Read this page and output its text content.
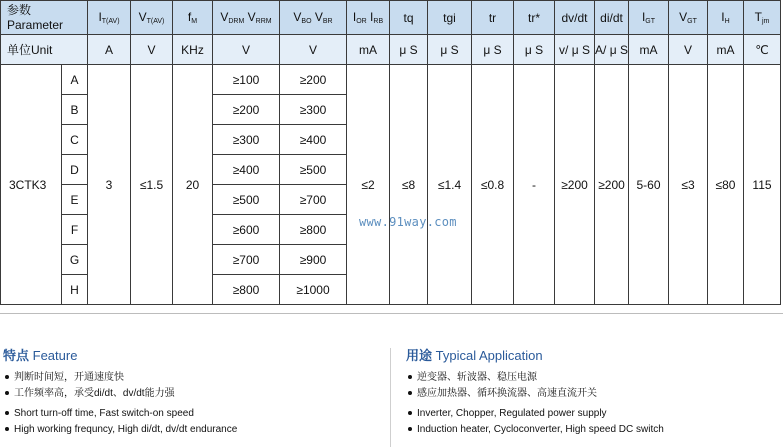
参数
Parameter		$I_{T(AV)}$	$V_{T(AV)}$	$f_M$	$V_{DRM}$ $V_{RRM}$	$V_{BO}$ $V_{BR}$	$I_{OR}$ $I_{RB}$	tq	tgi	tr	tr*	dv/dt	di/dt	$I_{GT}$	$V_{GT}$	$I_H$	$T_{jm}$
单位Unit		A	V	KHz	V	V	mA	μ S	μ S	μ S	μ S	v/ μ S	A/ μ S	mA	V	mA	℃
3CTK3	A	3	≤1.5	20	≥100	≥200	≤2	≤8	≤1.4	≤0.8	-	≥200	≥200	5-60	≤3	≤80	115
	B				≥200	≥300											
	C				≥300	≥400											
	D				≥400	≥500											
	E				≥500	≥700											
	F				≥600	≥800											
	G				≥700	≥900											
	H				≥800	≥1000											
www.91way.com
特点 Feature
判断时间短，开通速度快
工作频率高，承受di/dt、dv/dt能力强
Short turn-off time, Fast switch-on speed
High working frequncy, High di/dt, dv/dt endurance
用途 Typical Application
逆变器、斩波器、稳压电源
感应加热器、循环换流器、高速直流开关
Inverter, Chopper, Regulated power supply
Induction heater, Cycloconverter, High speed DC switch
